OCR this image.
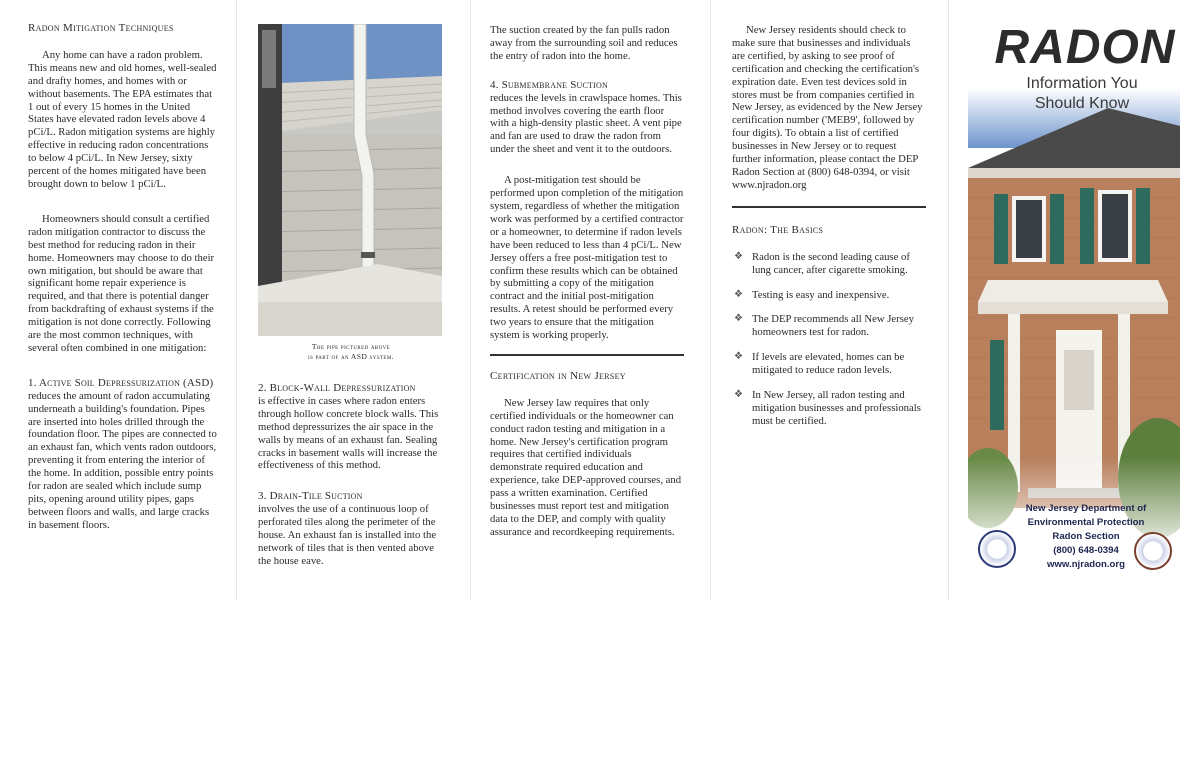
Radon Mitigation Techniques

Any home can have a radon problem. This means new and old homes, well-sealed and drafty homes, and homes with or without basements. The EPA estimates that 1 out of every 15 homes in the United States have elevated radon levels above 4 pCi/L. Radon mitigation systems are highly effective in reducing radon concentrations to below 4 pCi/L. In New Jersey, sixty percent of the homes mitigated have been brought down to below 1 pCi/L.

Homeowners should consult a certified radon mitigation contractor to discuss the best method for reducing radon in their home. Homeowners may choose to do their own mitigation, but should be aware that significant home repair experience is required, and that there is potential danger from backdrafting of exhaust systems if the mitigation is not done correctly. Following are the most common techniques, with several often combined in one mitigation:

1. Active Soil Depressurization (ASD)

reduces the amount of radon accumulating underneath a building's foundation. Pipes are inserted into holes drilled through the foundation floor. The pipes are connected to an exhaust fan, which vents radon outdoors, preventing it from entering the interior of the home. In addition, possible entry points for radon are sealed which include sump pits, opening around utility pipes, gaps between floors and walls, and large cracks in basement floors.

The pipe pictured above
is part of an ASD system.
2. Block-Wall Depressurization

is effective in cases where radon enters through hollow concrete block walls. This method depressurizes the air space in the walls by means of an exhaust fan. Sealing cracks in basement walls will increase the effectiveness of this method.

3. Drain-Tile Suction

involves the use of a continuous loop of perforated tiles along the perimeter of the house. An exhaust fan is installed into the network of tiles that is then vented above the house eave.

The suction created by the fan pulls radon away from the surrounding soil and reduces the entry of radon into the home.

4. Submembrane Suction

reduces the levels in crawlspace homes. This method involves covering the earth floor with a high-density plastic sheet. A vent pipe and fan are used to draw the radon from under the sheet and vent it to the outdoors.

A post-mitigation test should be performed upon completion of the mitigation system, regardless of whether the mitigation work was performed by a certified contractor or a homeowner, to determine if radon levels have been reduced to less than 4 pCi/L. New Jersey offers a free post-mitigation test to confirm these results which can be obtained by submitting a copy of the mitigation contract and the initial post-mitigation results. A retest should be performed every two years to ensure that the mitigation system is working properly.

Certification in New Jersey

New Jersey law requires that only certified individuals or the homeowner can conduct radon testing and mitigation in a home. New Jersey's certification program requires that certified individuals demonstrate required education and experience, take DEP-approved courses, and pass a written examination. Certified businesses must report test and mitigation data to the DEP, and comply with quality assurance and recordkeeping requirements.

New Jersey residents should check to make sure that businesses and individuals are certified, by asking to see proof of certification and checking the certification's expiration date. Even test devices sold in stores must be from companies certified in New Jersey, as evidenced by the New Jersey certification number ('MEB9', followed by four digits). To obtain a list of certified businesses in New Jersey or to request further information, please contact the DEP Radon Section at (800) 648-0394, or visit www.njradon.org

Radon: The Basics
❖ Radon is the second leading cause of lung cancer, after cigarette smoking.
❖ Testing is easy and inexpensive.
❖ The DEP recommends all New Jersey homeowners test for radon.
❖ If levels are elevated, homes can be mitigated to reduce radon levels.
❖ In New Jersey, all radon testing and mitigation businesses and professionals must be certified.
RADON
Information You
Should Know
New Jersey Department of
Environmental Protection
Radon Section
(800) 648-0394
www.njradon.org
